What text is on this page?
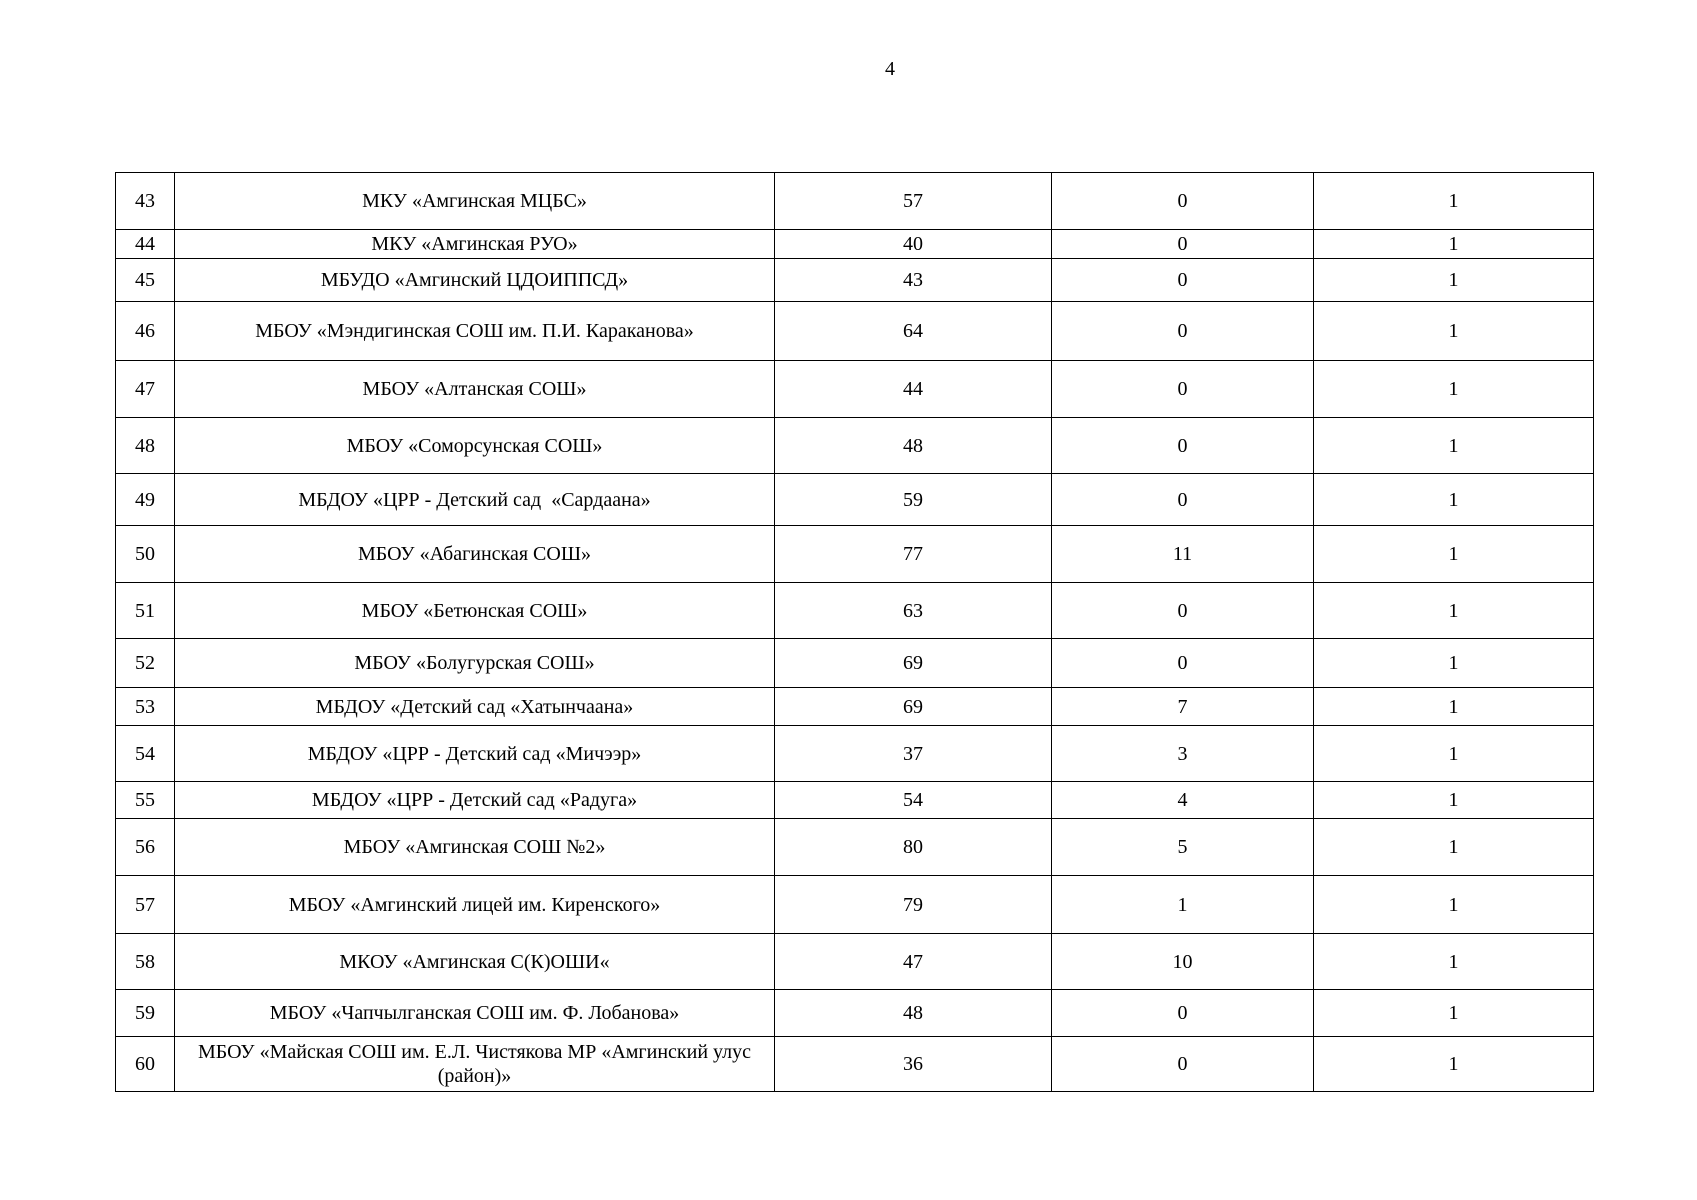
4
43	МКУ «Амгинская МЦБС»	57	0	1
44	МКУ «Амгинская РУО»	40	0	1
45	МБУДО «Амгинский ЦДОИППСД»	43	0	1
46	МБОУ «Мэндигинская СОШ им. П.И. Караканова»	64	0	1
47	МБОУ «Алтанская СОШ»	44	0	1
48	МБОУ «Соморсунская СОШ»	48	0	1
49	МБДОУ «ЦРР - Детский сад  «Сардаана»	59	0	1
50	МБОУ «Абагинская СОШ»	77	11	1
51	МБОУ «Бетюнская СОШ»	63	0	1
52	МБОУ «Болугурская СОШ»	69	0	1
53	МБДОУ «Детский сад «Хатынчаана»	69	7	1
54	МБДОУ «ЦРР - Детский сад «Мичээр»	37	3	1
55	МБДОУ «ЦРР - Детский сад «Радуга»	54	4	1
56	МБОУ «Амгинская СОШ №2»	80	5	1
57	МБОУ «Амгинский лицей им. Киренского»	79	1	1
58	МКОУ «Амгинская С(К)ОШИ«	47	10	1
59	МБОУ «Чапчылганская СОШ им. Ф. Лобанова»	48	0	1
60	МБОУ «Майская СОШ им. Е.Л. Чистякова МР «Амгинский улус (район)»	36	0	1
